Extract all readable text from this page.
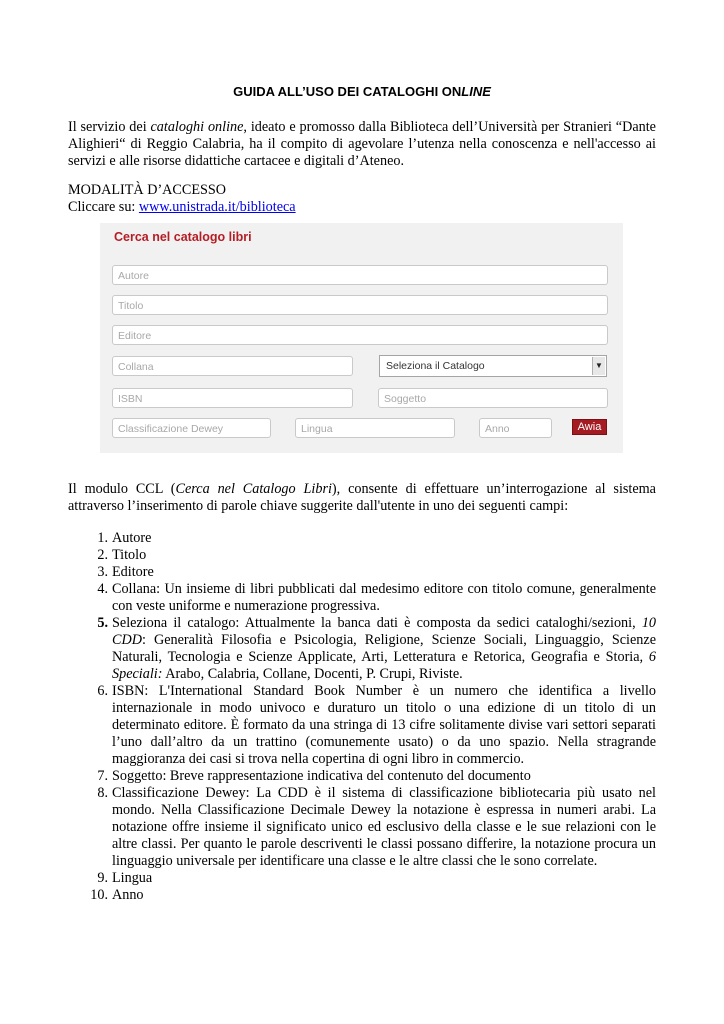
GUIDA ALL’USO DEI CATALOGHI ONLINE

Il servizio dei cataloghi online, ideato e promosso dalla Biblioteca dell’Università per Stranieri “Dante Alighieri“ di Reggio Calabria, ha il compito di agevolare l’utenza nella conoscenza e nell'accesso ai servizi e alle risorse didattiche cartacee e digitali d’Ateneo.

MODALITÀ D’ACCESSO
Cliccare su: www.unistrada.it/biblioteca

Il modulo CCL (Cerca nel Catalogo Libri), consente di effettuare un’interrogazione al sistema attraverso l’inserimento di parole chiave suggerite dall'utente in uno dei seguenti campi:

1. Autore
2. Titolo
3. Editore
4. Collana: Un insieme di libri pubblicati dal medesimo editore con titolo comune, generalmente con veste uniforme e numerazione progressiva.
5. Seleziona il catalogo: Attualmente la banca dati è composta da sedici cataloghi/sezioni, 10 CDD: Generalità Filosofia e Psicologia, Religione, Scienze Sociali, Linguaggio, Scienze Naturali, Tecnologia e Scienze Applicate, Arti, Letteratura e Retorica, Geografia e Storia, 6 Speciali: Arabo, Calabria, Collane, Docenti, P. Crupi, Riviste.
6. ISBN: L'International Standard Book Number è un numero che identifica a livello internazionale in modo univoco e duraturo un titolo o una edizione di un titolo di un determinato editore. È formato da una stringa di 13 cifre solitamente divise vari settori separati l’uno dall’altro da un trattino (comunemente usato) o da uno spazio. Nella stragrande maggioranza dei casi si trova nella copertina di ogni libro in commercio.
7. Soggetto: Breve rappresentazione indicativa del contenuto del documento
8. Classificazione Dewey: La CDD è il sistema di classificazione bibliotecaria più usato nel mondo. Nella Classificazione Decimale Dewey la notazione è espressa in numeri arabi. La notazione offre insieme il significato unico ed esclusivo della classe e le sue relazioni con le altre classi. Per quanto le parole descriventi le classi possano differire, la notazione procura un linguaggio universale per identificare una classe e le altre classi che le sono correlate.
9. Lingua
10. Anno
Cerca nel catalogo libri
Autore
Titolo
Editore
Collana	Seleziona il Catalogo	▼
ISBN	Soggetto
Classificazione Dewey	Lingua	Anno	Awia
